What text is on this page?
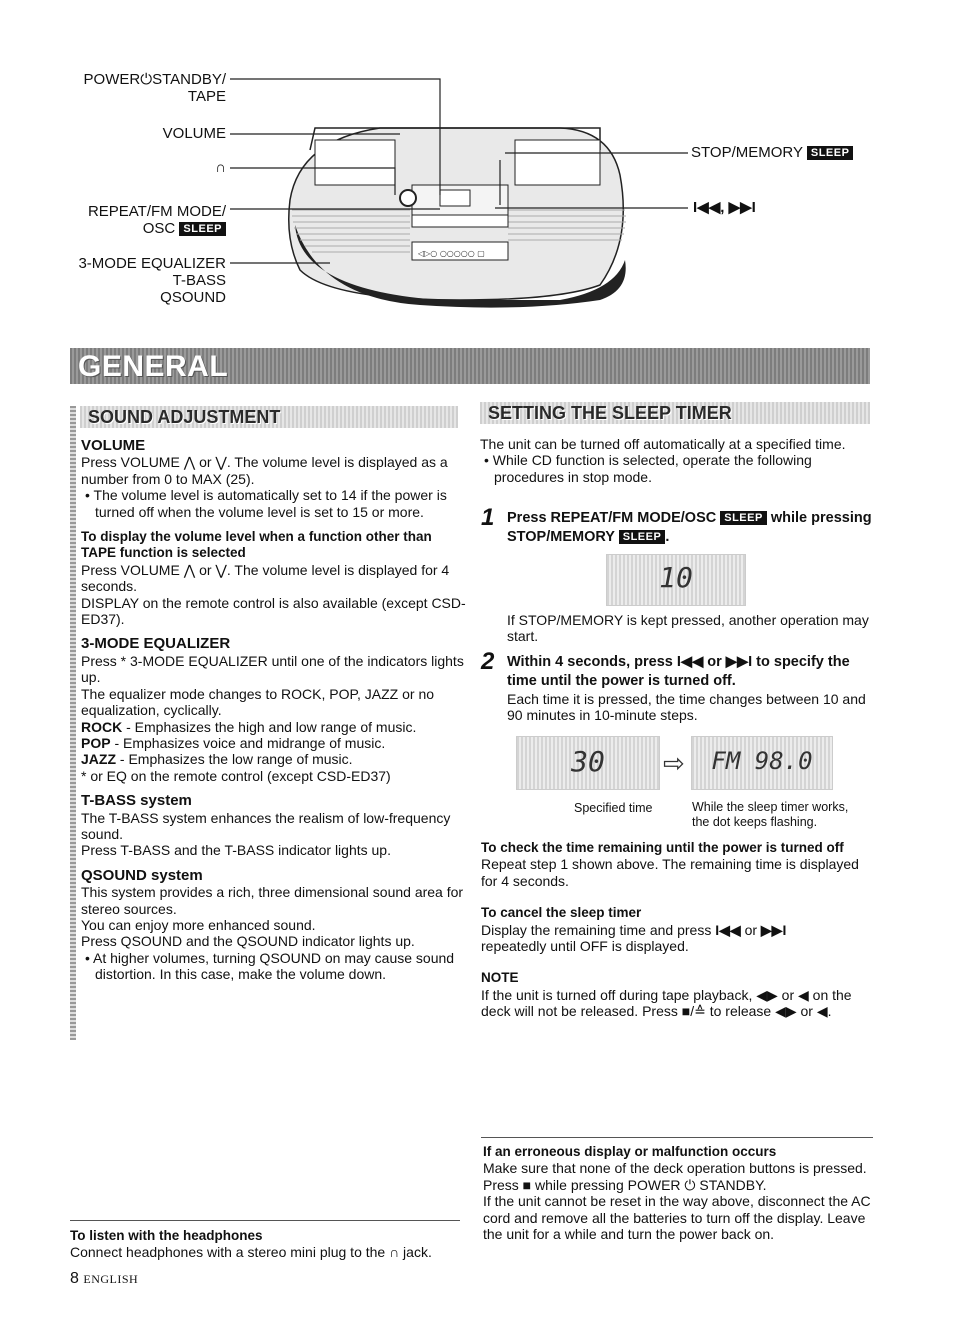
◁▷○ ○○○○○ ▢
POWER⏻STANDBY/
TAPE
VOLUME
∩
REPEAT/FM MODE/
OSC SLEEP
3-MODE EQUALIZER
T-BASS
QSOUND
STOP/MEMORY SLEEP
I◀◀, ▶▶I
GENERAL
SOUND ADJUSTMENT

VOLUME

Press VOLUME ⋀ or ⋁. The volume level is displayed as a number from 0 to MAX (25).

• The volume level is automatically set to 14 if the power is turned off when the volume level is set to 15 or more.

To display the volume level when a function other than TAPE function is selected

Press VOLUME ⋀ or ⋁. The volume level is displayed for 4 seconds.

DISPLAY on the remote control is also available (except CSD-ED37).

3-MODE EQUALIZER

Press * 3-MODE EQUALIZER until one of the indicators lights up.

The equalizer mode changes to ROCK, POP, JAZZ or no equalization, cyclically.

ROCK - Emphasizes the high and low range of music.

POP - Emphasizes voice and midrange of music.

JAZZ - Emphasizes the low range of music.

* or EQ on the remote control (except CSD-ED37)

T-BASS system

The T-BASS system enhances the realism of low-frequency sound.

Press T-BASS and the T-BASS indicator lights up.

QSOUND system

This system provides a rich, three dimensional sound area for stereo sources.

You can enjoy more enhanced sound.

Press QSOUND and the QSOUND indicator lights up.

• At higher volumes, turning QSOUND on may cause sound distortion. In this case, make the volume down.

To listen with the headphones

Connect headphones with a stereo mini plug to the ∩ jack.

8 ENGLISH
SETTING THE SLEEP TIMER

The unit can be turned off automatically at a specified time.

• While CD function is selected, operate the following procedures in stop mode.

1 Press REPEAT/FM MODE/OSC SLEEP while pressing STOP/MEMORY SLEEP .
10
If STOP/MEMORY is kept pressed, another operation may start.
2 Within 4 seconds, press I◀◀ or ▶▶I to specify the time until the power is turned off.
Each time it is pressed, the time changes between 10 and 90 minutes in 10-minute steps.
30	⇨	FM 98.0
Specified time	While the sleep timer works,
the dot keeps flashing.

To check the time remaining until the power is turned off

Repeat step 1 shown above. The remaining time is displayed for 4 seconds.

To cancel the sleep timer

Display the remaining time and press I◀◀ or ▶▶I
repeatedly until OFF is displayed.

NOTE

If the unit is turned off during tape playback, ◀▶ or ◀ on the deck will not be released. Press ■/≙ to release ◀▶ or ◀.

If an erroneous display or malfunction occurs

Make sure that none of the deck operation buttons is pressed.

Press ■ while pressing POWER ⏻ STANDBY.

If the unit cannot be reset in the way above, disconnect the AC cord and remove all the batteries to turn off the display. Leave the unit for a while and turn the power back on.
